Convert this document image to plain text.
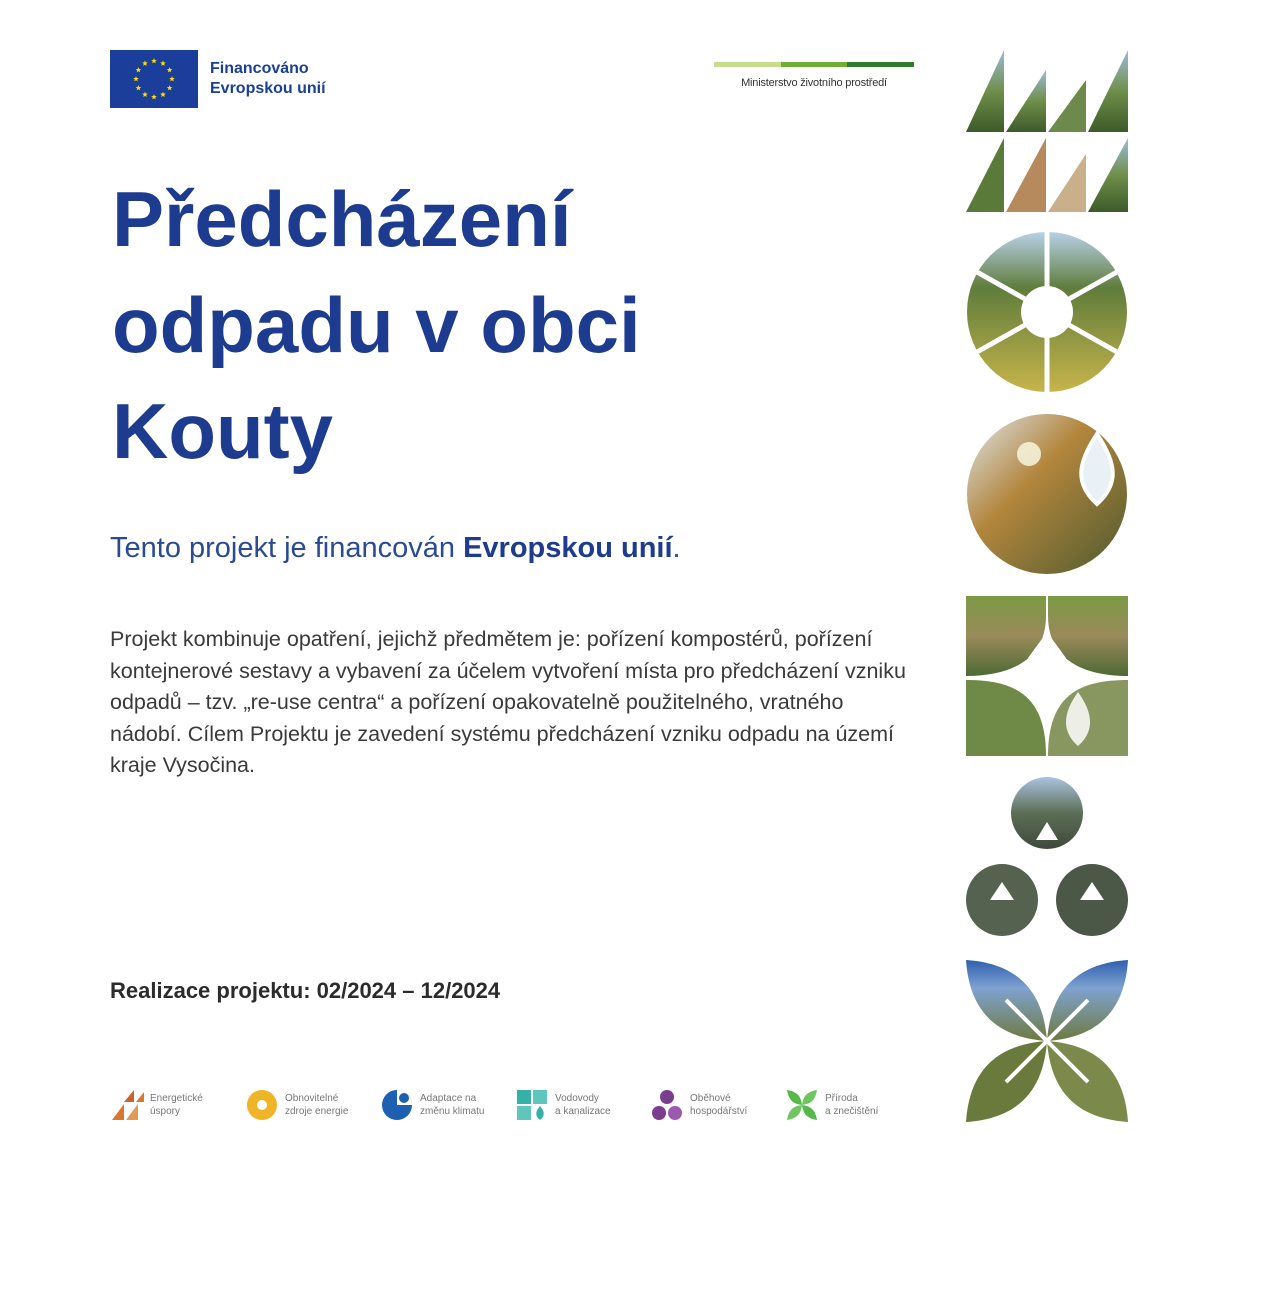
Financováno
Evropskou unií	Ministerstvo životního prostředí
Předcházení
odpadu v obci
Kouty
Tento projekt je financován Evropskou unií.
Projekt kombinuje opatření, jejichž předmětem je: pořízení kompostérů, pořízení kontejnerové sestavy a vybavení za účelem vytvoření místa pro předcházení vzniku odpadů – tzv. „re-use centra“ a pořízení opakovatelně použitelného, vratného nádobí. Cílem Projektu je zavedení systému předcházení vzniku odpadu na území kraje Vysočina.
Realizace projektu: 02/2024 – 12/2024
Energetické
úspory
Obnovitelné
zdroje energie
Adaptace na
změnu klimatu
Vodovody
a kanalizace
Oběhové
hospodářství
Příroda
a znečištění
